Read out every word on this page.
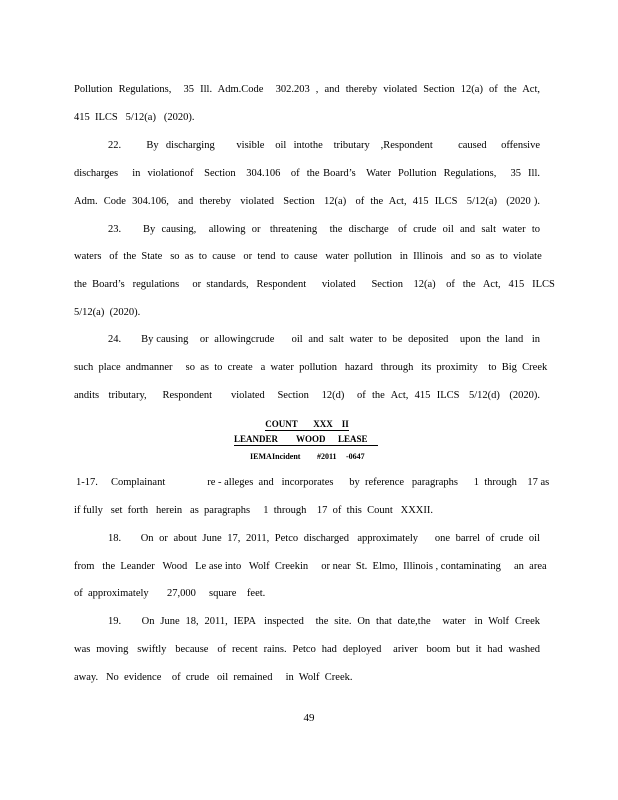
Pollution  Regulations,    35  Ill.  Adm.Code    302.203  ,  and  thereby  violated  Section  12(a)  of  the  Act,
415  ILCS   5/12(a)   (2020).
22.       By  discharging      visible   oil  intothe   tributary   ,Respondent       caused    offensive
discharges    in  violationof   Section   304.106   of  the Board’s   Water  Pollution  Regulations,    35  Ill.
Adm.  Code  304.106,   and  thereby   violated   Section   12(a)   of  the  Act,  415  ILCS   5/12(a)   (2020 ).
23.       By  causing,    allowing  or   threatening    the  discharge   of  crude  oil  and  salt  water  to
waters   of  the  State   so  as  to  cause   or  tend  to  cause   water  pollution   in  Illinois   and  so  as  to  violate
the  Board’s   regulations     or  standards,   Respondent      violated      Section    12(a)    of   the   Act,   415   ILCS
5/12(a)  (2020).
24.       By causing    or  allowingcrude      oil  and  salt  water  to  be  deposited    upon  the  land   in
such  place  andmanner     so  as  to  create   a  water  pollution   hazard   through   its  proximity    to  Big  Creek
andits   tributary,     Respondent      violated    Section    12(d)    of  the  Act,  415  ILCS   5/12(d)   (2020).
COUNT       XXX    II
LEANDER WOOD LEASE

IEMA Incident #2011 -0647

1-17.     Complainant                re - alleges  and   incorporates      by  reference   paragraphs      1  through    17 as
if fully   set  forth   herein   as  paragraphs     1  through    17  of  this  Count   XXXII.
18.       On  or  about  June  17,  2011,  Petco  discharged   approximately      one  barrel  of  crude  oil
from   the  Leander   Wood   Le ase into   Wolf  Creekin     or near  St.  Elmo,  Illinois , contaminating     an  area
of  approximately       27,000     square    feet.
19.       On  June  18,  2011,  IEPA   inspected    the  site.  On  that  date,the    water   in  Wolf  Creek
was  moving   swiftly   because   of  recent  rains.  Petco  had  deployed    ariver   boom  but  it  had  washed
away.   No  evidence    of  crude   oil  remained     in  Wolf  Creek.
49
